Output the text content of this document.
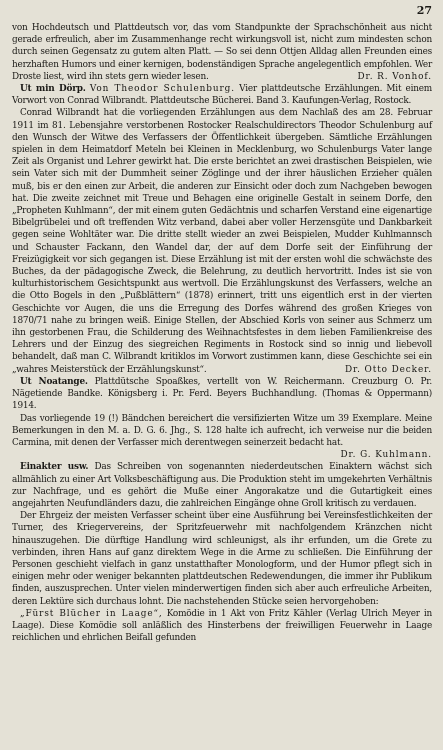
27

von Hochdeutsch und Plattdeutsch vor, das vom Standpunkte der Sprachschönheit aus nicht gerade erfreulich, aber im Zusammenhange recht wirkungsvoll ist, nicht zum mindesten schon durch seinen Gegensatz zu gutem alten Platt. — So sei denn Ottjen Alldag allen Freunden eines herzhaften Humors und einer kernigen, bodenständigen Sprache angelegentlich empfohlen. Wer Droste liest, wird ihn stets gern wieder lesen.	Dr. R. Vonhof.

Ut min Dörp. Von Theodor Schulenburg. Vier plattdeutsche Erzählungen. Mit einem Vorwort von Conrad Wilbrandt. Plattdeutsche Bücherei. Band 3. Kaufungen-Verlag, Rostock.

Conrad Wilbrandt hat die vorliegenden Erzählungen aus dem Nachlaß des am 28. Februar 1911 im 81. Lebensjahre verstorbenen Rostocker Realschuldirectors Theodor Schulenburg auf den Wunsch der Witwe des Verfassers der Öffentlichkeit übergeben. Sämtliche Erzählungen spielen in dem Heimatdorf Meteln bei Kleinen in Mecklenburg, wo Schulenburgs Vater lange Zeit als Organist und Lehrer gewirkt hat. Die erste berichtet an zwei drastischen Beispielen, wie sein Vater sich mit der Dummheit seiner Zöglinge und der ihrer häuslichen Erzieher quälen muß, bis er den einen zur Arbeit, die anderen zur Einsicht oder doch zum Nachgeben bewogen hat. Die zweite zeichnet mit Treue und Behagen eine originelle Gestalt in seinem Dorfe, den „Propheten Kuhlmann“, der mit einem guten Gedächtnis und scharfen Verstand eine eigenartige Bibelgrübelei und oft treffenden Witz verband, dabei aber voller Herzensgüte und Dankbarkeit gegen seine Wohltäter war. Die dritte stellt wieder an zwei Beispielen, Mudder Kuhlmannsch und Schauster Fackann, den Wandel dar, der auf dem Dorfe seit der Einführung der Freizügigkeit vor sich gegangen ist. Diese Erzählung ist mit der ersten wohl die schwächste des Buches, da der pädagogische Zweck, die Belehrung, zu deutlich hervortritt. Indes ist sie von kulturhistorischem Gesichtspunkt aus wertvoll. Die Erzählungskunst des Verfassers, welche an die Otto Bogels in den „Pußblättern“ (1878) erinnert, tritt uns eigentlich erst in der vierten Geschichte vor Augen, die uns die Erregung des Dorfes während des großen Krieges von 1870/71 nahe zu bringen weiß. Einige Stellen, der Abschied Korls von seiner aus Schmerz um ihn gestorbenen Frau, die Schilderung des Weihnachtsfestes in dem lieben Familienkreise des Lehrers und der Einzug des siegreichen Regiments in Rostock sind so innig und liebevoll behandelt, daß man C. Wilbrandt kritiklos im Vorwort zustimmen kann, diese Geschichte sei ein „wahres Meisterstück der Erzählungskunst“.	Dr. Otto Decker.

Ut Noatange. Plattdütsche Spoaßkes, vertellt von W. Reichermann. Creuzburg O. Pr. Nägetiende Bandke. Königsberg i. Pr. Ferd. Beyers Buchhandlung. (Thomas & Oppermann) 1914.

Das vorliegende 19 (!) Bändchen bereichert die versifizierten Witze um 39 Exemplare. Meine Bemerkungen in den M. a. D. G. 6. Jhg., S. 128 halte ich aufrecht, ich verweise nur die beiden Carmina, mit denen der Verfasser mich derentwegen seinerzeit bedacht hat.
Dr. G. Kuhlmann.

Einakter usw. Das Schreiben von sogenannten niederdeutschen Einaktern wächst sich allmählich zu einer Art Volksbeschäftigung aus. Die Produktion steht im umgekehrten Verhältnis zur Nachfrage, und es gehört die Muße einer Angorakatze und die Gutartigkeit eines angejahrten Neufundländers dazu, die zahlreichen Eingänge ohne Groll kritisch zu verdauen.

Der Ehrgeiz der meisten Verfasser scheint über eine Ausführung bei Vereinsfestlichkeiten der Turner, des Kriegervereins, der Spritzfeuerwehr mit nachfolgendem Kränzchen nicht hinauszugehen. Die dürftige Handlung wird schleunigst, als ihr erfunden, um die Grete zu verbinden, ihren Hans auf ganz direktem Wege in die Arme zu schließen. Die Einführung der Personen geschieht vielfach in ganz unstatthafter Monologform, und der Humor pflegt sich in einigen mehr oder weniger bekannten plattdeutschen Redewendungen, die immer ihr Publikum finden, auszusprechen. Unter vielen minderwertigen finden sich aber auch erfreuliche Arbeiten, deren Lektüre sich durchaus lohnt. Die nachstehenden Stücke seien hervorgehoben:

„Fürst Blücher in Laage“, Komödie in 1 Akt von Fritz Kähler (Verlag Ulrich Meyer in Laage). Diese Komödie soll anläßlich des Hinsterbens der freiwilligen Feuerwehr in Laage reichlichen und ehrlichen Beifall gefunden
